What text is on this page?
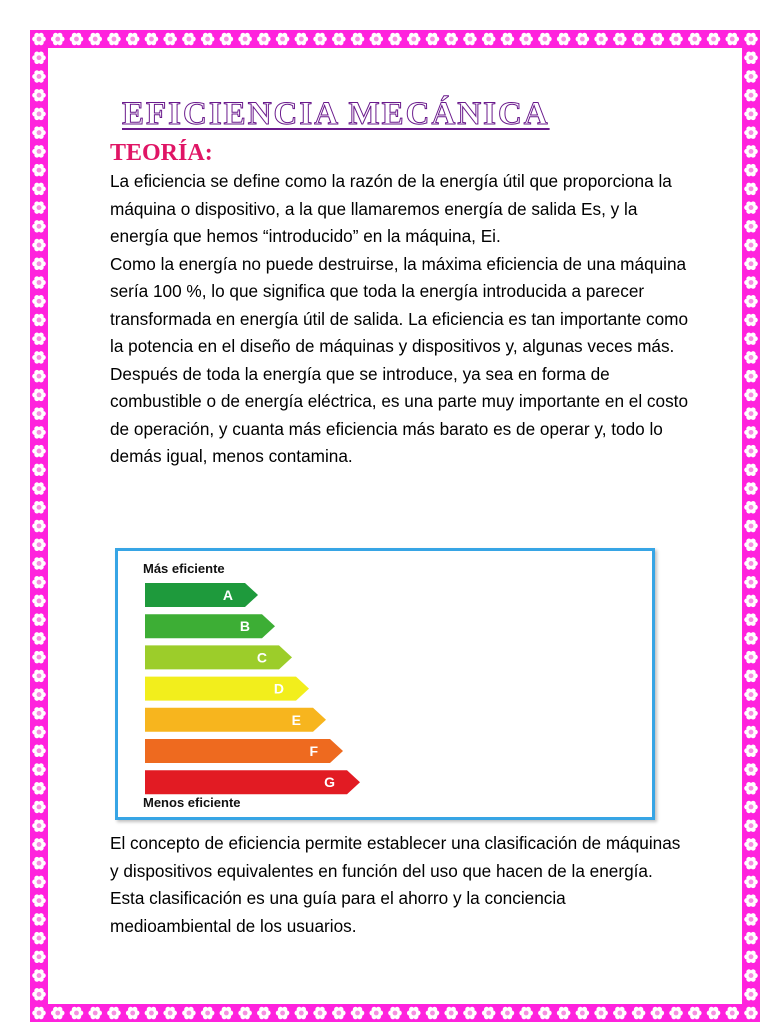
EFICIENCIA MECÁNICA
TEORÍA:

La eficiencia se define como la razón de la energía útil que proporciona la máquina o dispositivo, a la que llamaremos energía de salida Es, y la energía que hemos “introducido” en la máquina, Ei.

Como la energía no puede destruirse, la máxima eficiencia de una máquina sería 100 %, lo que significa que toda la energía introducida a parecer transformada en energía útil de salida. La eficiencia es tan importante como la potencia en el diseño de máquinas y dispositivos y, algunas veces más. Después de toda la energía que se introduce, ya sea en forma de combustible o de energía eléctrica, es una parte muy importante en el costo de operación, y cuanta más eficiencia más barato es de operar y, todo lo demás igual, menos contamina.

Más eficiente
A
B
C
D
E
F
G
Menos eficiente

El concepto de eficiencia permite establecer una clasificación de máquinas y dispositivos equivalentes en función del uso que hacen de la energía. Esta clasificación es una guía para el ahorro y la conciencia medioambiental de los usuarios.
